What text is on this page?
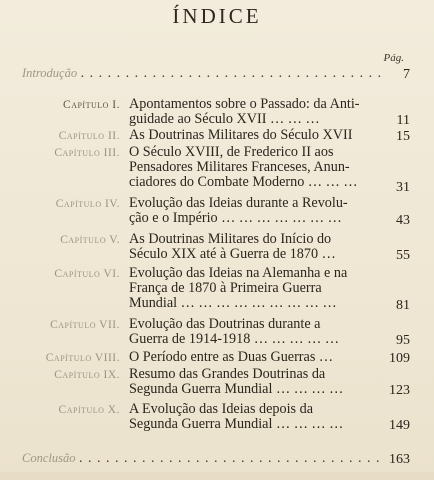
ÍNDICE
Pág.
Introdução . . . . . . . . . . . . . . . . . . . . . . . . . . . . . . . . . .	7
Capítulo I. Apontamentos sobre o Passado: da Anti-
guidade ao Século XVII … … …	11
Capítulo II. As Doutrinas Militares do Século XVII	15
Capítulo III. O Século XVIII, de Frederico II aos
Pensadores Militares Franceses, Anun-
ciadores do Combate Moderno … … …	31
Capítulo IV. Evolução das Ideias durante a Revolu-
ção e o Império … … … … … … …	43
Capítulo V. As Doutrinas Militares do Início do
Século XIX até à Guerra de 1870 …	55
Capítulo VI. Evolução das Ideias na Alemanha e na
França de 1870 à Primeira Guerra
Mundial … … … … … … … … …	81
Capítulo VII. Evolução das Doutrinas durante a
Guerra de 1914-1918 … … … … …	95
Capítulo VIII. O Período entre as Duas Guerras …	109
Capítulo IX. Resumo das Grandes Doutrinas da
Segunda Guerra Mundial … … … …	123
Capítulo X. A Evolução das Ideias depois da
Segunda Guerra Mundial … … … …	149
Conclusão . . . . . . . . . . . . . . . . . . . . . . . . . . . . . . . . . . 163
